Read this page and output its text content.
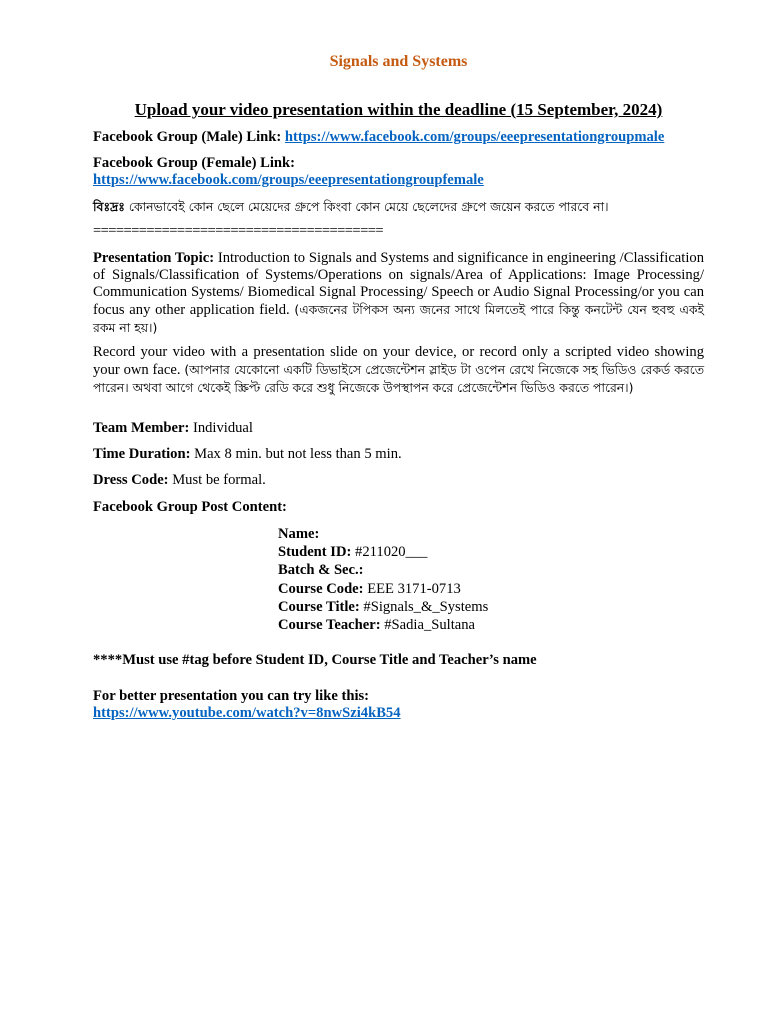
Signals and Systems
Upload your video presentation within the deadline (15 September, 2024)
Facebook Group (Male) Link: https://www.facebook.com/groups/eeepresentationgroupmale
Facebook Group (Female) Link:
https://www.facebook.com/groups/eeepresentationgroupfemale
বিঃদ্রঃ কোনভাবেই কোন ছেলে মেয়েদের গ্রুপে কিংবা কোন মেয়ে ছেলেদের গ্রুপে জয়েন করতে পারবে না।
======================================
Presentation Topic: Introduction to Signals and Systems and significance in engineering /Classification of Signals/Classification of Systems/Operations on signals/Area of Applications: Image Processing/ Communication Systems/ Biomedical Signal Processing/ Speech or Audio Signal Processing/or you can focus any other application field. (একজনের টপিকস অন্য জনের সাথে মিলতেই পারে কিন্তু কনটেন্ট যেন হুবহু একই রকম না হয়।)
Record your video with a presentation slide on your device, or record only a scripted video showing your own face. (আপনার যেকোনো একটি ডিভাইসে প্রেজেন্টেশন স্লাইড টা ওপেন রেখে নিজেকে সহ ভিডিও রেকর্ড করতে পারেন। অথবা আগে থেকেই স্ক্রিপ্ট রেডি করে শুধু নিজেকে উপস্থাপন করে প্রেজেন্টেশন ভিডিও করতে পারেন।)
Team Member: Individual
Time Duration: Max 8 min. but not less than 5 min.
Dress Code: Must be formal.
Facebook Group Post Content:
Name:
Student ID: #211020___
Batch & Sec.:
Course Code: EEE 3171-0713
Course Title: #Signals_&_Systems
Course Teacher: #Sadia_Sultana
****Must use #tag before Student ID, Course Title and Teacher’s name
For better presentation you can try like this:
https://www.youtube.com/watch?v=8nwSzi4kB54
